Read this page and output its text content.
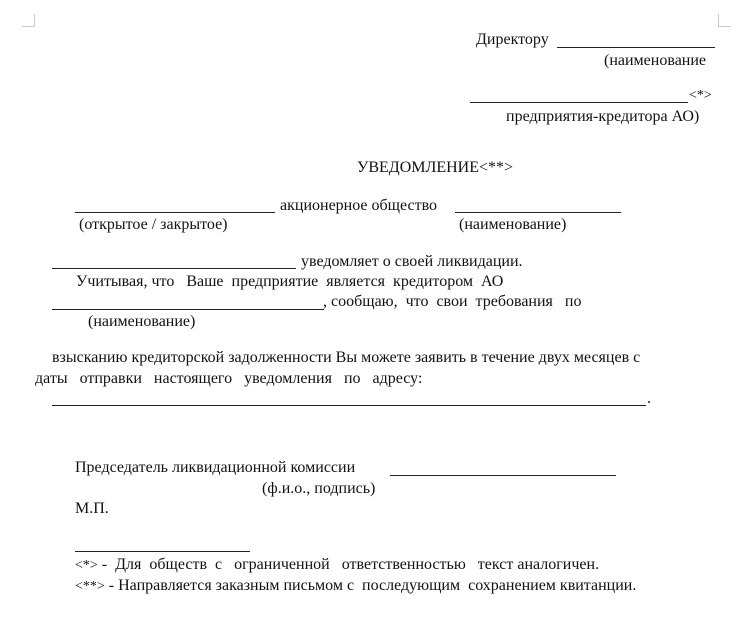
Директору
(наименование
<*>
предприятия-кредитора АО)
УВЕДОМЛЕНИЕ<**>
акционерное общество
(открытое / закрытое)	(наименование)
уведомляет о своей ликвидации.
Учитывая, что   Ваше  предприятие  является  кредитором  АО
, сообщаю,  что  свои  требования   по
(наименование)
взысканию кредиторской задолженности Вы можете заявить в течение двух месяцев с
даты   отправки   настоящего   уведомления   по   адресу:
.
Председатель ликвидационной комиссии
(ф.и.о., подпись)
М.П.
<*> -  Для  обществ  с   ограниченной   ответственностью   текст аналогичен.
<**> - Направляется заказным письмом с  последующим  сохранением квитанции.
